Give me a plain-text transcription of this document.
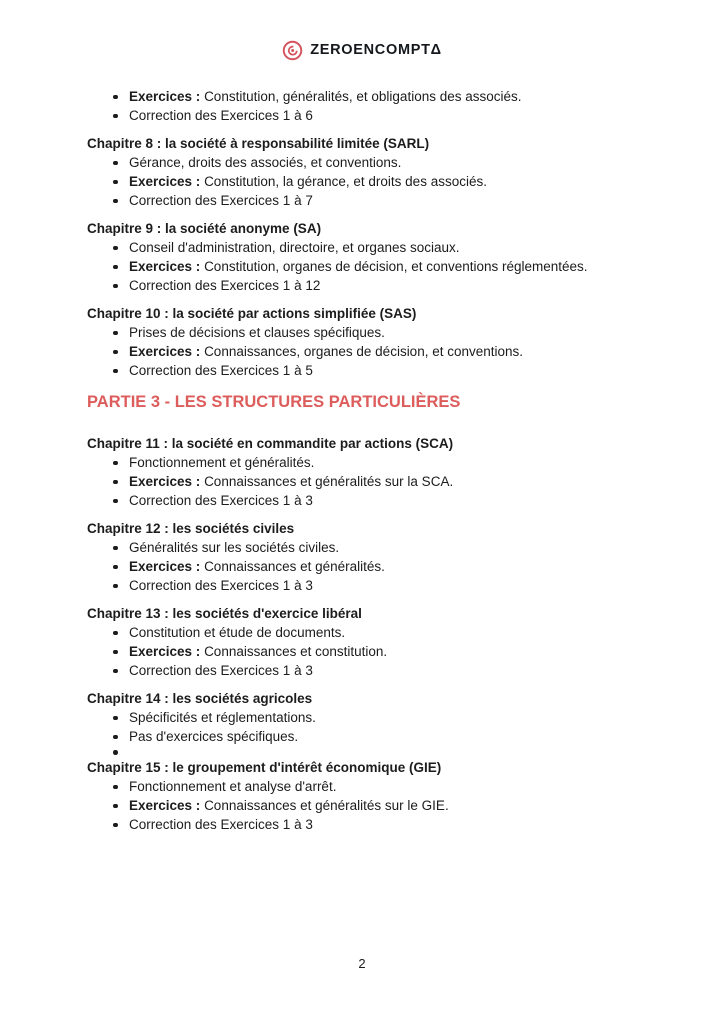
ZEROENCOMPTΔ
Exercices : Constitution, généralités, et obligations des associés.
Correction des Exercices 1 à 6
Chapitre 8 : la société à responsabilité limitée (SARL)
Gérance, droits des associés, et conventions.
Exercices : Constitution, la gérance, et droits des associés.
Correction des Exercices 1 à 7
Chapitre 9 : la société anonyme (SA)
Conseil d'administration, directoire, et organes sociaux.
Exercices : Constitution, organes de décision, et conventions réglementées.
Correction des Exercices 1 à 12
Chapitre 10 : la société par actions simplifiée (SAS)
Prises de décisions et clauses spécifiques.
Exercices : Connaissances, organes de décision, et conventions.
Correction des Exercices 1 à 5
PARTIE 3 - LES STRUCTURES PARTICULIÈRES
Chapitre 11 : la société en commandite par actions (SCA)
Fonctionnement et généralités.
Exercices : Connaissances et généralités sur la SCA.
Correction des Exercices 1 à 3
Chapitre 12 : les sociétés civiles
Généralités sur les sociétés civiles.
Exercices : Connaissances et généralités.
Correction des Exercices 1 à 3
Chapitre 13 : les sociétés d'exercice libéral
Constitution et étude de documents.
Exercices : Connaissances et constitution.
Correction des Exercices 1 à 3
Chapitre 14 : les sociétés agricoles
Spécificités et réglementations.
Pas d'exercices spécifiques.
Chapitre 15 : le groupement d'intérêt économique (GIE)
Fonctionnement et analyse d'arrêt.
Exercices : Connaissances et généralités sur le GIE.
Correction des Exercices 1 à 3
2
